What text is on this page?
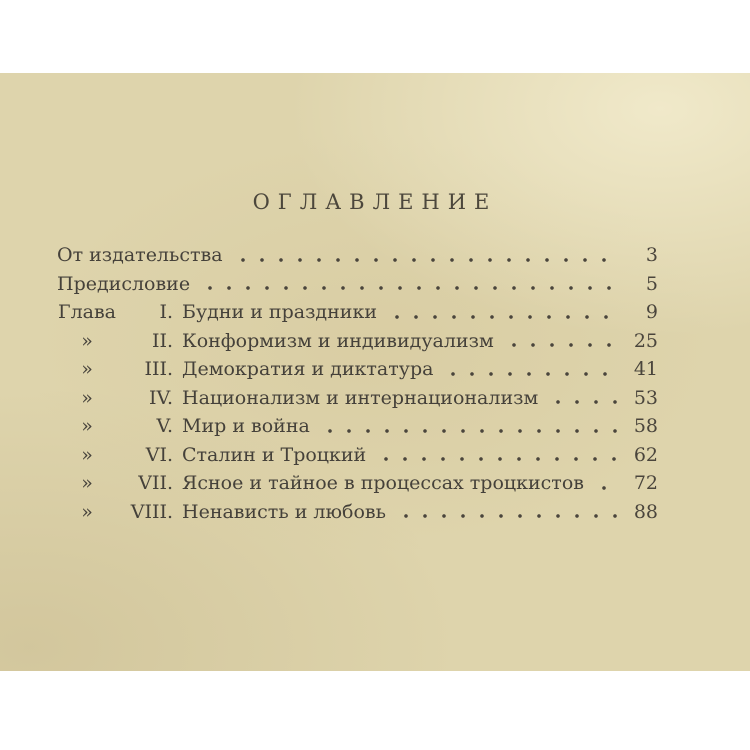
ОГЛАВЛЕНИЕ
От издательства	3
Предисловие	5
Глава	I. Будни и праздники	9
»	II. Конформизм и индивидуализм	25
»	III. Демократия и диктатура	41
»	IV. Национализм и интернационализм	53
»	V. Мир и война	58
»	VI. Сталин и Троцкий	62
»	VII. Ясное и тайное в процессах троцкистов	72
»	VIII. Ненависть и любовь	88
